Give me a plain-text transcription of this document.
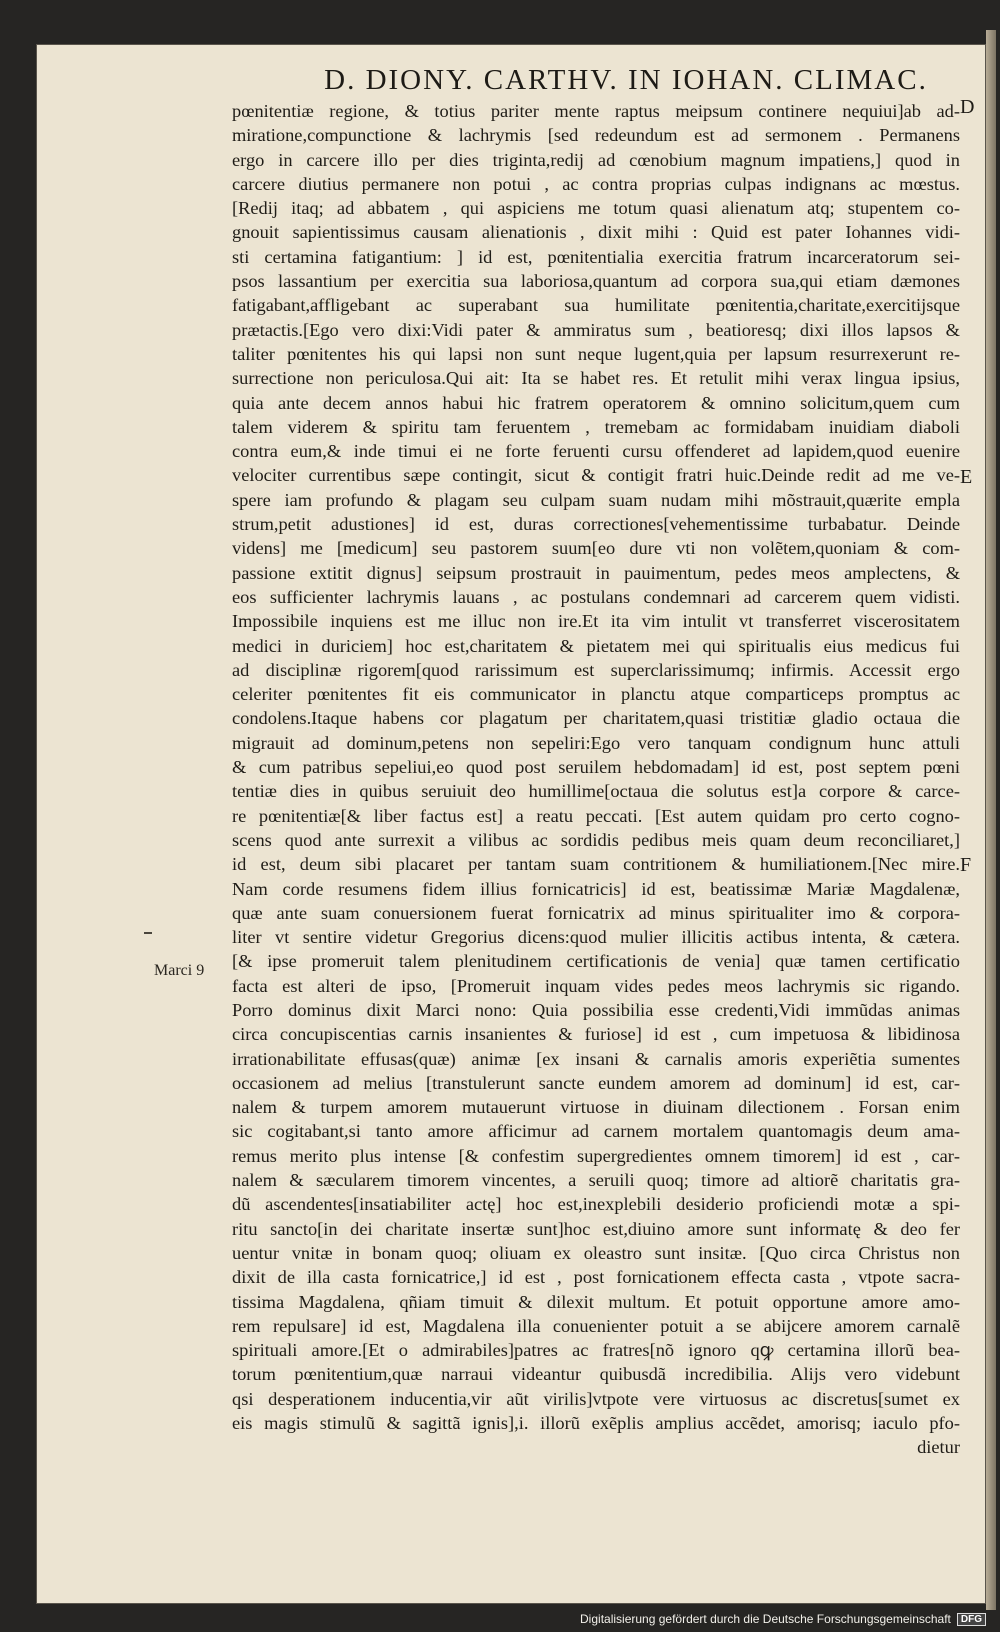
D. DIONY. CARTHV. IN IOHAN. CLIMAC.
pœnitentiæ regione, & totius pariter mente raptus meipsum continere nequiui]ab ad‑
miratione,compunctione & lachrymis [sed redeundum est ad sermonem . Permanens
ergo in carcere illo per dies triginta,redij ad cœnobium magnum impatiens,] quod in
carcere diutius permanere non potui , ac contra proprias culpas indignans ac mœstus.
[Redij itaq; ad abbatem , qui aspiciens me totum quasi alienatum atq; stupentem co‑
gnouit sapientissimus causam alienationis , dixit mihi : Quid est pater Iohannes vidi‑
sti certamina fatigantium: ] id est, pœnitentialia exercitia fratrum incarceratorum sei‑
psos lassantium per exercitia sua laboriosa,quantum ad corpora sua,qui etiam dæmones
fatigabant,affligebant ac superabant sua humilitate pœnitentia,charitate,exercitijsque
prætactis.[Ego vero dixi:Vidi pater & ammiratus sum , beatioresq; dixi illos lapsos &
taliter pœnitentes his qui lapsi non sunt neque lugent,quia per lapsum resurrexerunt re‑
surrectione non periculosa.Qui ait: Ita se habet res. Et retulit mihi verax lingua ipsius,
quia ante decem annos habui hic fratrem operatorem & omnino solicitum,quem cum
talem viderem & spiritu tam feruentem , tremebam ac formidabam inuidiam diaboli
contra eum,& inde timui ei ne forte feruenti cursu offenderet ad lapidem,quod euenire
velociter currentibus sæpe contingit, sicut & contigit fratri huic.Deinde redit ad me ve‑
spere iam profundo & plagam seu culpam suam nudam mihi mõstrauit,quærite empla
strum,petit adustiones] id est, duras correctiones[vehementissime turbabatur. Deinde
videns] me [medicum] seu pastorem suum[eo dure vti non volẽtem,quoniam & com‑
passione extitit dignus] seipsum prostrauit in pauimentum, pedes meos amplectens, &
eos sufficienter lachrymis lauans , ac postulans condemnari ad carcerem quem vidisti.
Impossibile inquiens est me illuc non ire.Et ita vim intulit vt transferret viscerositatem
medici in duriciem] hoc est,charitatem & pietatem mei qui spiritualis eius medicus fui
ad disciplinæ rigorem[quod rarissimum est superclarissimumq; infirmis. Accessit ergo
celeriter pœnitentes fit eis communicator in planctu atque comparticeps promptus ac
condolens.Itaque habens cor plagatum per charitatem,quasi tristitiæ gladio octaua die
migrauit ad dominum,petens non sepeliri:Ego vero tanquam condignum hunc attuli
& cum patribus sepeliui,eo quod post seruilem hebdomadam] id est, post septem pœni
tentiæ dies in quibus seruiuit deo humillime[octaua die solutus est]a corpore & carce‑
re pœnitentiæ[& liber factus est] a reatu peccati. [Est autem quidam pro certo cogno‑
scens quod ante surrexit a vilibus ac sordidis pedibus meis quam deum reconciliaret,]
id est, deum sibi placaret per tantam suam contritionem & humiliationem.[Nec mire.
Nam corde resumens fidem illius fornicatricis] id est, beatissimæ Mariæ Magdalenæ,
quæ ante suam conuersionem fuerat fornicatrix ad minus spiritualiter imo & corpora‑
liter vt sentire videtur Gregorius dicens:quod mulier illicitis actibus intenta, & cætera.
[& ipse promeruit talem plenitudinem certificationis de venia] quæ tamen certificatio
facta est alteri de ipso, [Promeruit inquam vides pedes meos lachrymis sic rigando.
Porro dominus dixit Marci nono: Quia possibilia esse credenti,Vidi immũdas animas
circa concupiscentias carnis insanientes & furiose] id est , cum impetuosa & libidinosa
irrationabilitate effusas(quæ) animæ [ex insani & carnalis amoris experiẽtia sumentes
occasionem ad melius [transtulerunt sancte eundem amorem ad dominum] id est, car‑
nalem & turpem amorem mutauerunt virtuose in diuinam dilectionem . Forsan enim
sic cogitabant,si tanto amore afficimur ad carnem mortalem quantomagis deum ama‑
remus merito plus intense [& confestim supergredientes omnem timorem] id est , car‑
nalem & sæcularem timorem vincentes, a seruili quoq; timore ad altiorẽ charitatis gra‑
dũ ascendentes[insatiabiliter actę] hoc est,inexplebili desiderio proficiendi motæ a spi‑
ritu sancto[in dei charitate insertæ sunt]hoc est,diuino amore sunt informatę & deo fer
uentur vnitæ in bonam quoq; oliuam ex oleastro sunt insitæ. [Quo circa Christus non
dixit de illa casta fornicatrice,] id est , post fornicationem effecta casta , vtpote sacra‑
tissima Magdalena, qñiam timuit & dilexit multum. Et potuit opportune amore amo‑
rem repulsare] id est, Magdalena illa conuenienter potuit a se abijcere amorem carnalẽ
spirituali amore.[Et o admirabiles]patres ac fratres[nõ ignoro qꝙ certamina illorũ bea‑
torum pœnitentium,quæ narraui videantur quibusdã incredibilia. Alijs vero videbunt
qsi desperationem inducentia,vir aũt virilis]vtpote vere virtuosus ac discretus[sumet ex
eis magis stimulũ & sagittã ignis],i. illorũ exẽplis amplius accẽdet, amorisq; iaculo pfo‑
dietur
D
E
F
Marci 9
Digitalisierung gefördert durch die Deutsche Forschungsgemeinschaft	DFG
